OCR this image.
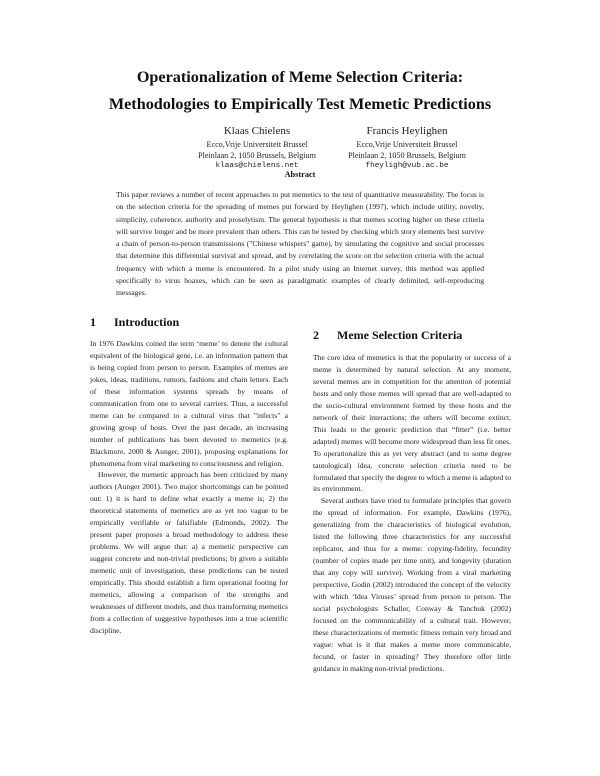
Operationalization of Meme Selection Criteria:
Methodologies to Empirically Test Memetic Predictions
Klaas Chielens
Ecco,Vrije Universiteit Brussel
Pleinlaan 2, 1050 Brussels, Belgium
klaas@chielens.net
Francis Heylighen
Ecco,Vrije Universiteit Brussel
Pleinlaan 2, 1050 Brussels, Belgium
fheyligh@vub.ac.be
Abstract
This paper reviews a number of recent approaches to put memetics to the test of quantitative measurability. The focus is on the selection criteria for the spreading of memes put forward by Heylighen (1997), which include utility, novelty, simplicity, coherence, authority and proselytism. The general hypothesis is that memes scoring higher on these criteria will survive longer and be more prevalent than others. This can be tested by checking which story elements best survive a chain of person-to-person transmissions ("Chinese whispers" game), by simulating the cognitive and social processes that determine this differential survival and spread, and by correlating the score on the selection criteria with the actual frequency with which a meme is encountered. In a pilot study using an Internet survey, this method was applied specifically to virus hoaxes, which can be seen as paradigmatic examples of clearly delimited, self-reproducing messages.
1 Introduction

In 1976 Dawkins coined the term ‘meme’ to denote the cultural equivalent of the biological gene, i.e. an information pattern that is being copied from person to person. Examples of memes are jokes, ideas, traditions, rumors, fashions and chain letters. Each of these information systems spreads by means of communication from one to several carriers. Thus, a successful meme can be compared to a cultural virus that "infects" a growing group of hosts. Over the past decade, an increasing number of publications has been devoted to memetics (e.g. Blackmore, 2000 & Aunger, 2001), proposing explanations for phenomena from viral marketing to consciousness and religion.

However, the memetic approach has been criticized by many authors (Aunger 2001). Two major shortcomings can be pointed out: 1) it is hard to define what exactly a meme is; 2) the theoretical statements of memetics are as yet too vague to be empirically verifiable or falsifiable (Edmonds, 2002). The present paper proposes a broad methodology to address these problems. We will argue that: a) a memetic perspective can suggest concrete and non-trivial predictions; b) given a suitable memetic unit of investigation, these predictions can be tested empirically. This should establish a firm operational footing for memetics, allowing a comparison of the strengths and weaknesses of different models, and thus transforming memetics from a collection of suggestive hypotheses into a true scientific discipline.

2 Meme Selection Criteria

The core idea of memetics is that the popularity or success of a meme is determined by natural selection. At any moment, several memes are in competition for the attention of potential hosts and only those memes will spread that are well-adapted to the socio-cultural environment formed by these hosts and the network of their interactions; the others will become extinct. This leads to the generic prediction that “fitter” (i.e. better adapted) memes will become more widespread than less fit ones. To operationalize this as yet very abstract (and to some degree tautological) idea, concrete selection criteria need to be formulated that specify the degree to which a meme is adapted to its environment.

Several authors have tried to formulate principles that govern the spread of information. For example, Dawkins (1976), generalizing from the characteristics of biological evolution, listed the following three characteristics for any successful replicator, and thus for a meme: copying-fidelity, fecundity (number of copies made per time unit), and longevity (duration that any copy will survive). Working from a viral marketing perspective, Godin (2002) introduced the concept of the velocity with which ‘Idea Viruses’ spread from person to person. The social psychologists Schaller, Conway & Tanchuk (2002) focused on the communicability of a cultural trait. However, these characterizations of memetic fitness remain very broad and vague: what is it that makes a meme more communicable, fecund, or faster in spreading? They therefore offer little guidance in making non-trivial predictions.
